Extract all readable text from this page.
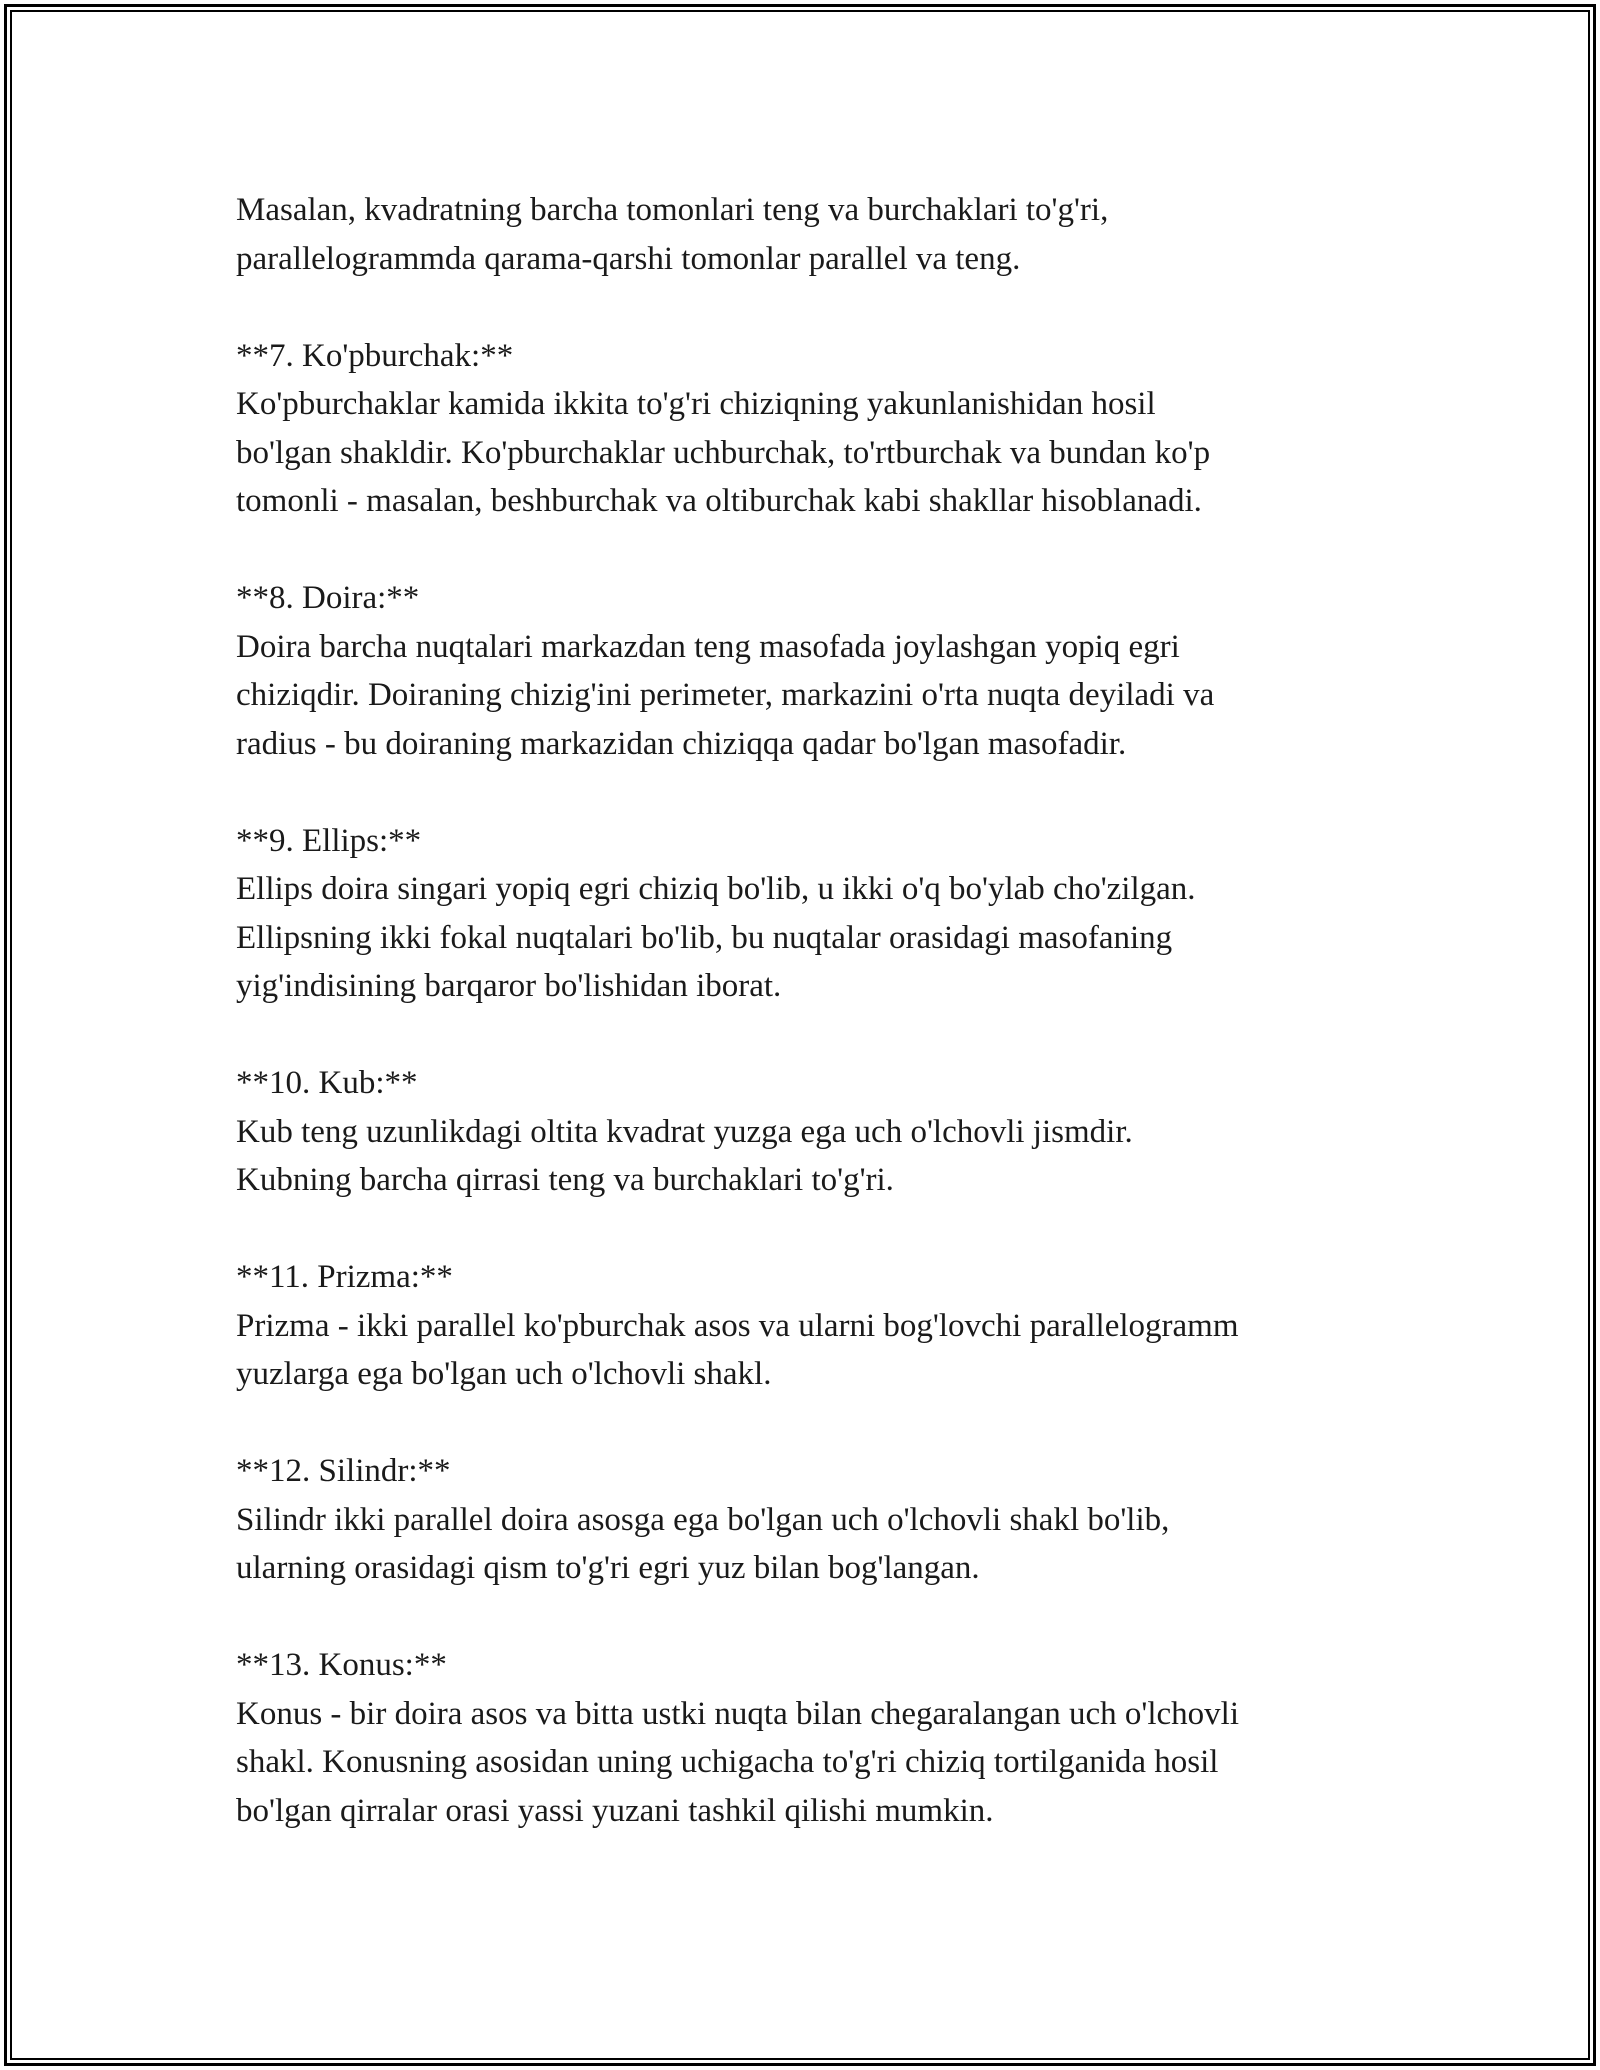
Masalan, kvadratning barcha tomonlari teng va burchaklari to'g'ri,
parallelogrammda qarama-qarshi tomonlar parallel va teng.
**7. Ko'pburchak:**
Ko'pburchaklar kamida ikkita to'g'ri chiziqning yakunlanishidan hosil
bo'lgan shakldir. Ko'pburchaklar uchburchak, to'rtburchak va bundan ko'p
tomonli - masalan, beshburchak va oltiburchak kabi shakllar hisoblanadi.
**8. Doira:**
Doira barcha nuqtalari markazdan teng masofada joylashgan yopiq egri
chiziqdir. Doiraning chizig'ini perimeter, markazini o'rta nuqta deyiladi va
radius - bu doiraning markazidan chiziqqa qadar bo'lgan masofadir.
**9. Ellips:**
Ellips doira singari yopiq egri chiziq bo'lib, u ikki o'q bo'ylab cho'zilgan.
Ellipsning ikki fokal nuqtalari bo'lib, bu nuqtalar orasidagi masofaning
yig'indisining barqaror bo'lishidan iborat.
**10. Kub:**
Kub teng uzunlikdagi oltita kvadrat yuzga ega uch o'lchovli jismdir.
Kubning barcha qirrasi teng va burchaklari to'g'ri.
**11. Prizma:**
Prizma - ikki parallel ko'pburchak asos va ularni bog'lovchi parallelogramm
yuzlarga ega bo'lgan uch o'lchovli shakl.
**12. Silindr:**
Silindr ikki parallel doira asosga ega bo'lgan uch o'lchovli shakl bo'lib,
ularning orasidagi qism to'g'ri egri yuz bilan bog'langan.
**13. Konus:**
Konus - bir doira asos va bitta ustki nuqta bilan chegaralangan uch o'lchovli
shakl. Konusning asosidan uning uchigacha to'g'ri chiziq tortilganida hosil
bo'lgan qirralar orasi yassi yuzani tashkil qilishi mumkin.
